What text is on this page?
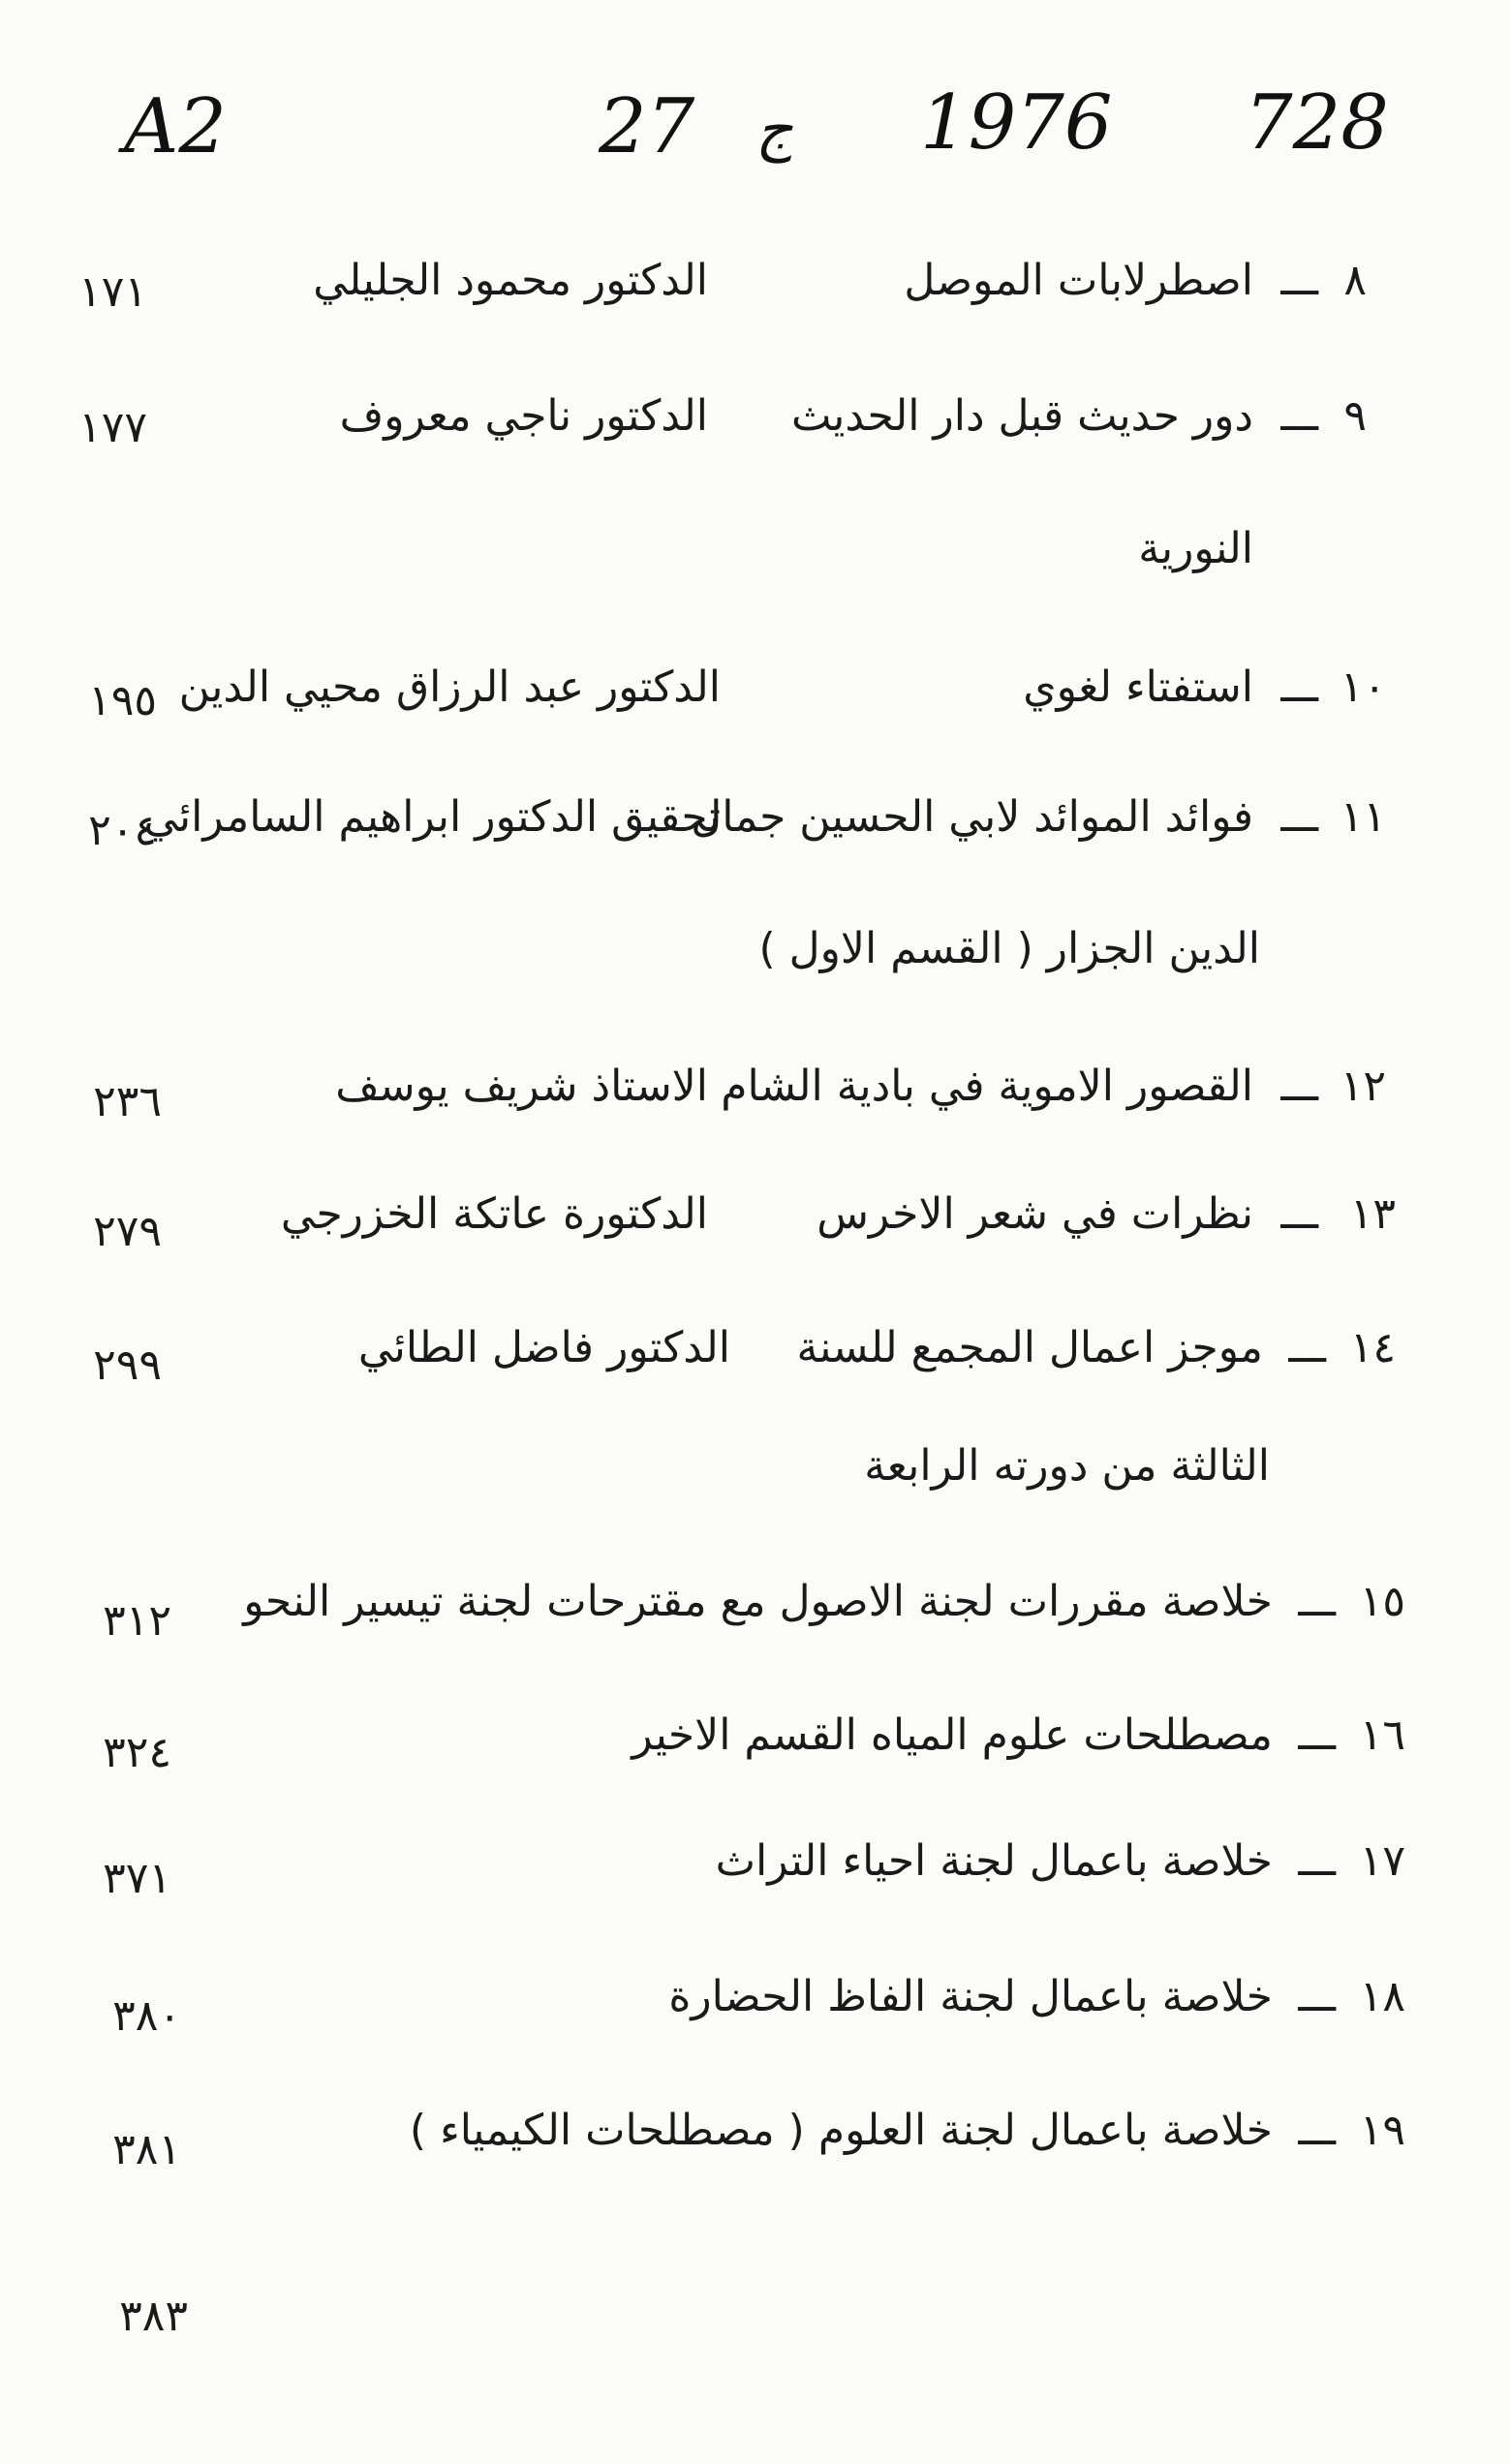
A2	27 ج 1976 728
٨
ـــ
اصطرلابات الموصل
الدكتور محمود الجليلي
١٧١
٩
ـــ
دور حديث قبل دار الحديث
الدكتور ناجي معروف
١٧٧
النورية
١٠
ـــ
استفتاء لغوي
الدكتور عبد الرزاق محيي الدين
١٩٥
١١
ـــ
فوائد الموائد لابي الحسين جمال
تحقيق الدكتور ابراهيم السامرائي
٢٠٤
الدين الجزار ( القسم الاول )
١٢
ـــ
القصور الاموية في بادية الشام
الاستاذ شريف يوسف
٢٣٦
١٣
ـــ
نظرات في شعر الاخرس
الدكتورة عاتكة الخزرجي
٢٧٩
١٤
ـــ
موجز اعمال المجمع للسنة
الدكتور فاضل الطائي
٢٩٩
الثالثة من دورته الرابعة
١٥
ـــ
خلاصة مقررات لجنة الاصول مع مقترحات لجنة تيسير النحو
٣١٢
١٦
ـــ
مصطلحات علوم المياه القسم الاخير
٣٢٤
١٧
ـــ
خلاصة باعمال لجنة احياء التراث
٣٧١
١٨
ـــ
خلاصة باعمال لجنة الفاظ الحضارة
٣٨٠
١٩
ـــ
خلاصة باعمال لجنة العلوم ( مصطلحات الكيمياء )
٣٨١
٣٨٣
